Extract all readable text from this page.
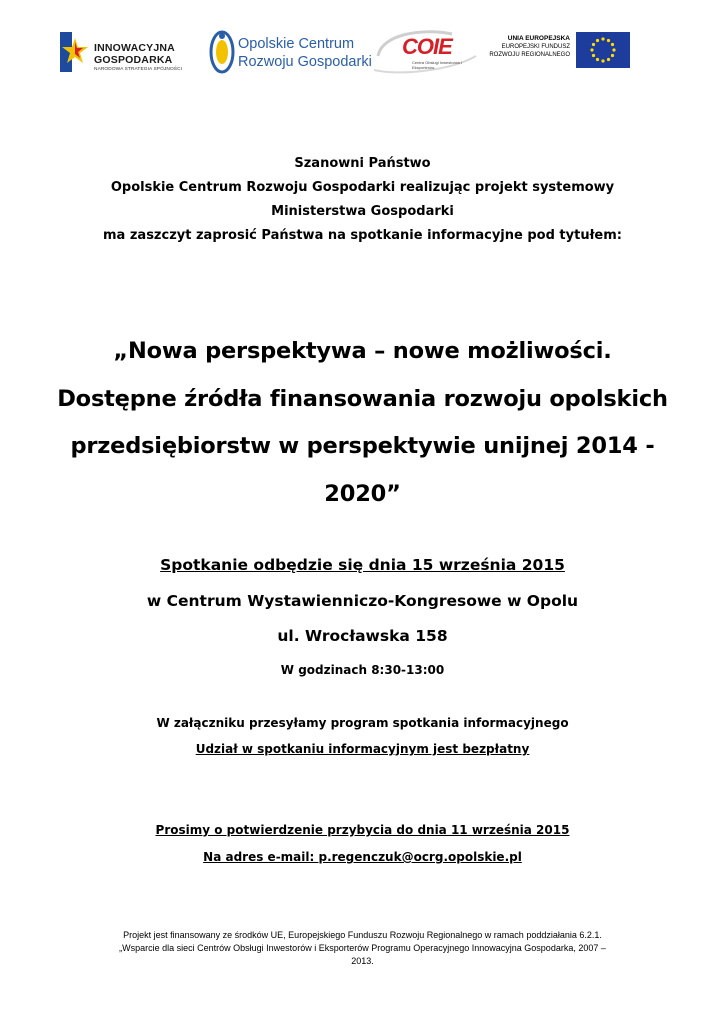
INNOWACYJNA
GOSPODARKA
NARODOWA STRATEGIA SPÓJNOŚCI
Opolskie Centrum
Rozwoju Gospodarki
COIE
Centra Obsługi Inwestorów i Eksporterów
UNIA EUROPEJSKA
EUROPEJSKI FUNDUSZ
ROZWOJU REGIONALNEGO
Szanowni Państwo
Opolskie Centrum Rozwoju Gospodarki realizując projekt systemowy
Ministerstwa Gospodarki
ma zaszczyt zaprosić Państwa na spotkanie informacyjne pod tytułem:
„Nowa perspektywa – nowe możliwości.
Dostępne źródła finansowania rozwoju opolskich
przedsiębiorstw w perspektywie unijnej 2014 -
2020”
Spotkanie odbędzie się dnia 15 września 2015
w Centrum Wystawienniczo-Kongresowe w Opolu
ul. Wrocławska 158
W godzinach 8:30-13:00
W załączniku przesyłamy program spotkania informacyjnego
Udział w spotkaniu informacyjnym jest bezpłatny
Prosimy o potwierdzenie przybycia do dnia 11 września 2015
Na adres e-mail: p.regenczuk@ocrg.opolskie.pl
Projekt jest finansowany ze środków UE, Europejskiego Funduszu Rozwoju Regionalnego w ramach poddziałania 6.2.1.
„Wsparcie dla sieci Centrów Obsługi Inwestorów i Eksporterów Programu Operacyjnego Innowacyjna Gospodarka, 2007 –
2013.
